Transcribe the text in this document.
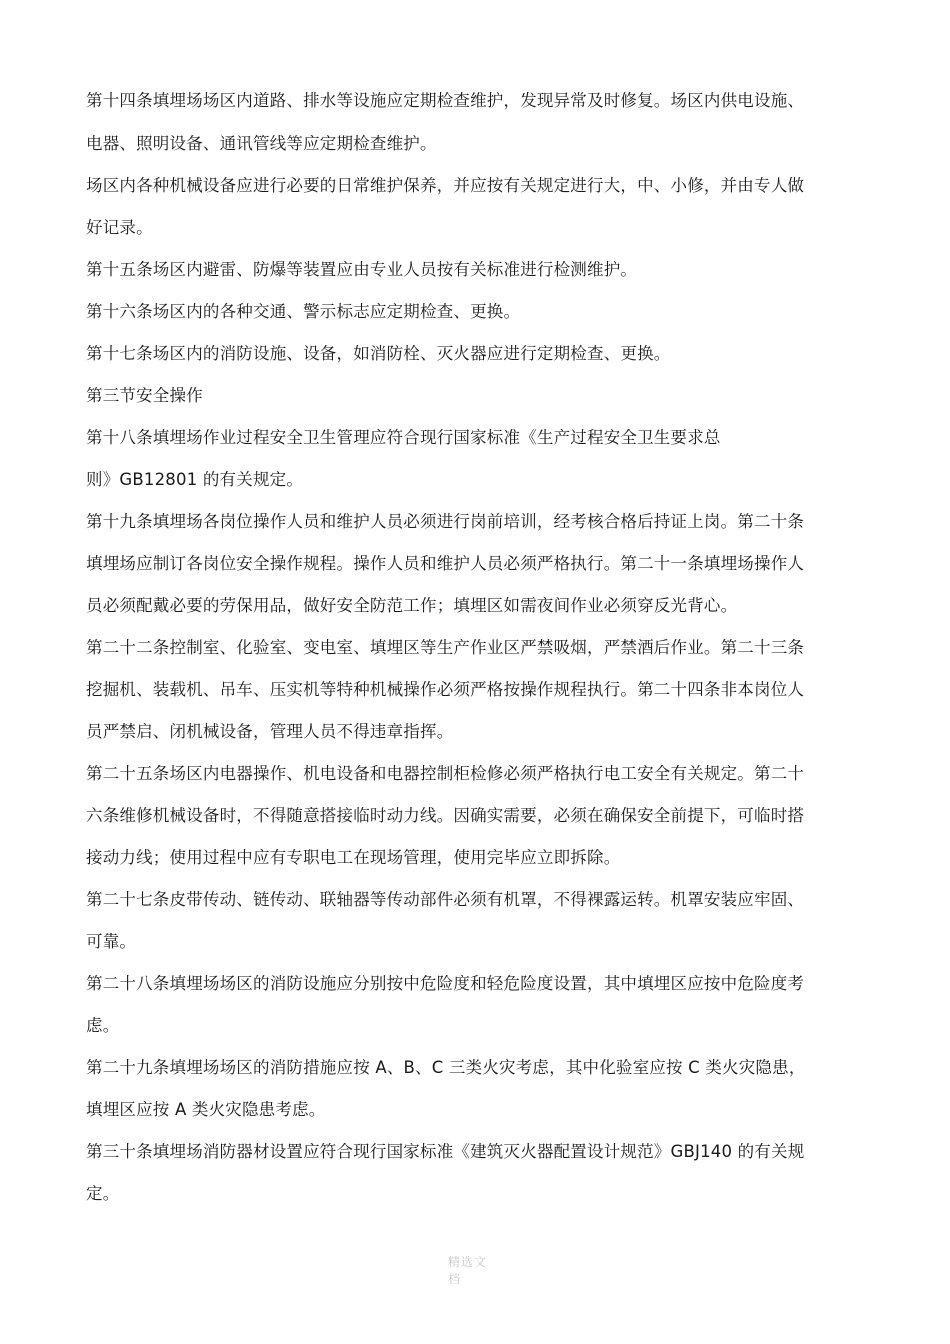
第十四条填埋场场区内道路、排水等设施应定期检查维护，发现异常及时修复。场区内供电设施、
电器、照明设备、通讯管线等应定期检查维护。
场区内各种机械设备应进行必要的日常维护保养，并应按有关规定进行大，中、小修，并由专人做
好记录。
第十五条场区内避雷、防爆等装置应由专业人员按有关标准进行检测维护。
第十六条场区内的各种交通、警示标志应定期检查、更换。
第十七条场区内的消防设施、设备，如消防栓、灭火器应进行定期检查、更换。
第三节安全操作
第十八条填埋场作业过程安全卫生管理应符合现行国家标准《生产过程安全卫生要求总
则》GB12801 的有关规定。
第十九条填埋场各岗位操作人员和维护人员必须进行岗前培训，经考核合格后持证上岗。第二十条
填埋场应制订各岗位安全操作规程。操作人员和维护人员必须严格执行。第二十一条填埋场操作人
员必须配戴必要的劳保用品，做好安全防范工作；填埋区如需夜间作业必须穿反光背心。
第二十二条控制室、化验室、变电室、填埋区等生产作业区严禁吸烟，严禁酒后作业。第二十三条
挖掘机、装载机、吊车、压实机等特种机械操作必须严格按操作规程执行。第二十四条非本岗位人
员严禁启、闭机械设备，管理人员不得违章指挥。
第二十五条场区内电器操作、机电设备和电器控制柜检修必须严格执行电工安全有关规定。第二十
六条维修机械设备时，不得随意搭接临时动力线。因确实需要，必须在确保安全前提下，可临时搭
接动力线；使用过程中应有专职电工在现场管理，使用完毕应立即拆除。
第二十七条皮带传动、链传动、联轴器等传动部件必须有机罩，不得裸露运转。机罩安装应牢固、
可靠。
第二十八条填埋场场区的消防设施应分别按中危险度和轻危险度设置，其中填埋区应按中危险度考
虑。
第二十九条填埋场场区的消防措施应按 A、B、C 三类火灾考虑，其中化验室应按 C 类火灾隐患，
填埋区应按 A 类火灾隐患考虑。
第三十条填埋场消防器材设置应符合现行国家标准《建筑灭火器配置设计规范》GBJ140 的有关规
定。
精选文
档
